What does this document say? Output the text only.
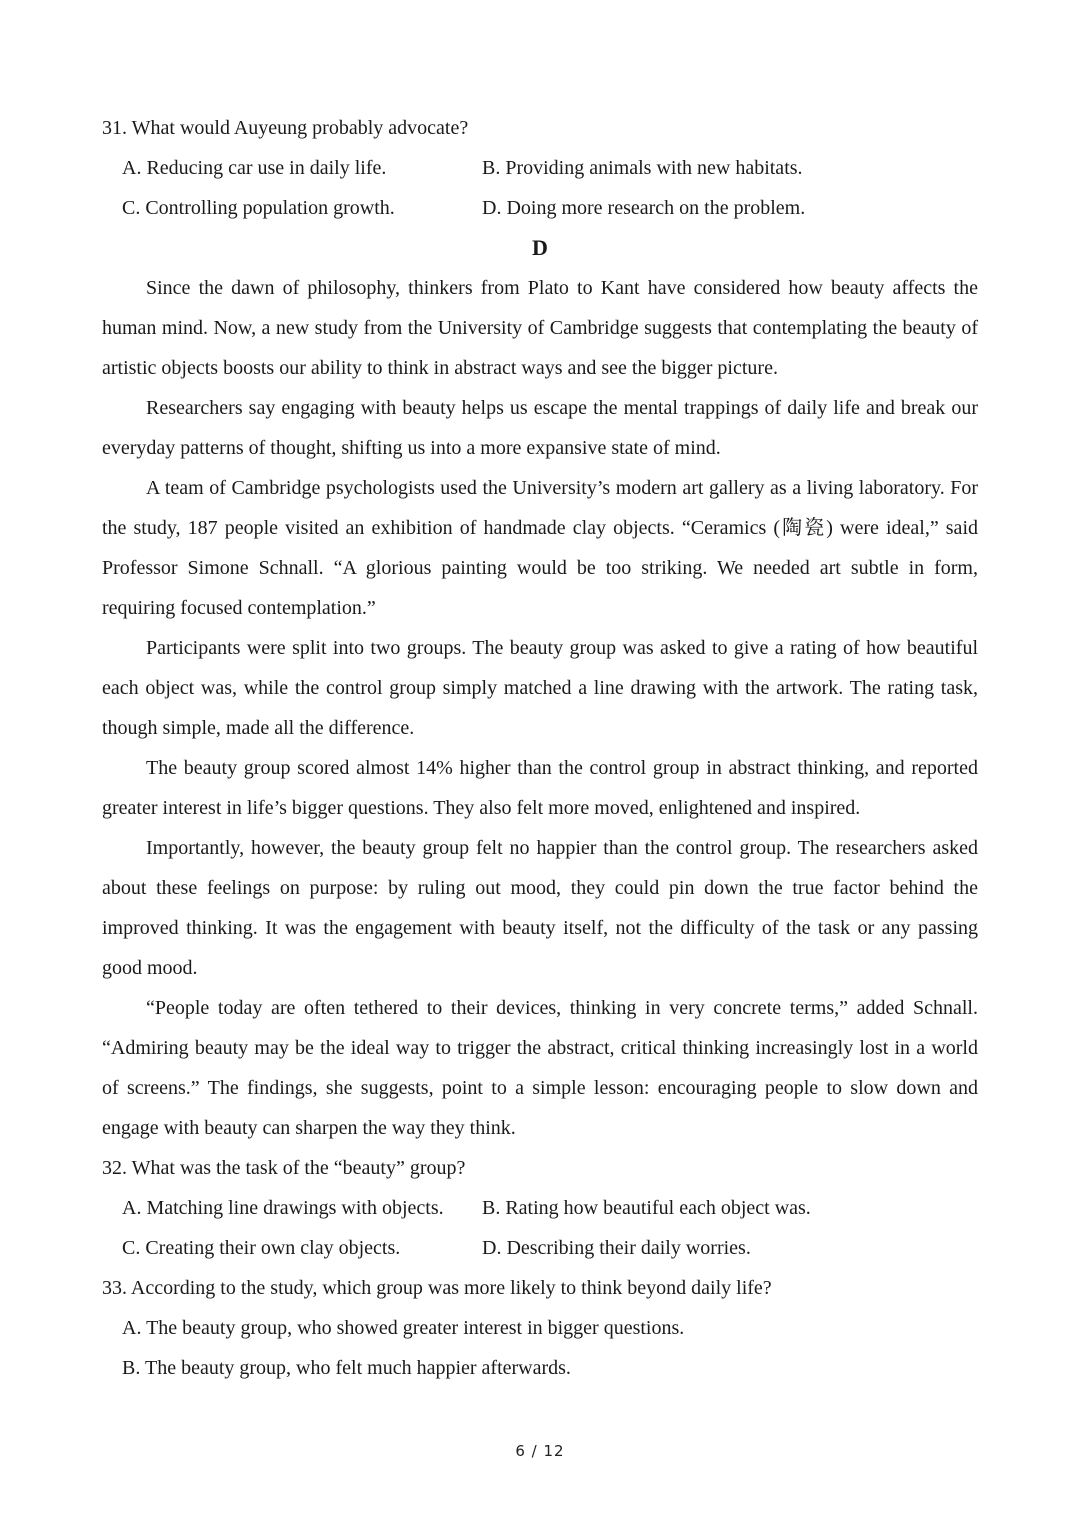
31. What would Auyeung probably advocate?
A. Reducing car use in daily life.	B. Providing animals with new habitats.
C. Controlling population growth.	D. Doing more research on the problem.
D

Since the dawn of philosophy, thinkers from Plato to Kant have considered how beauty affects the human mind. Now, a new study from the University of Cambridge suggests that contemplating the beauty of artistic objects boosts our ability to think in abstract ways and see the bigger picture.

Researchers say engaging with beauty helps us escape the mental trappings of daily life and break our everyday patterns of thought, shifting us into a more expansive state of mind.

A team of Cambridge psychologists used the University’s modern art gallery as a living laboratory. For the study, 187 people visited an exhibition of handmade clay objects. “Ceramics (陶瓷) were ideal,” said Professor Simone Schnall. “A glorious painting would be too striking. We needed art subtle in form, requiring focused contemplation.”

Participants were split into two groups. The beauty group was asked to give a rating of how beautiful each object was, while the control group simply matched a line drawing with the artwork. The rating task, though simple, made all the difference.

The beauty group scored almost 14% higher than the control group in abstract thinking, and reported greater interest in life’s bigger questions. They also felt more moved, enlightened and inspired.

Importantly, however, the beauty group felt no happier than the control group. The researchers asked about these feelings on purpose: by ruling out mood, they could pin down the true factor behind the improved thinking. It was the engagement with beauty itself, not the difficulty of the task or any passing good mood.

“People today are often tethered to their devices, thinking in very concrete terms,” added Schnall. “Admiring beauty may be the ideal way to trigger the abstract, critical thinking increasingly lost in a world of screens.” The findings, she suggests, point to a simple lesson: encouraging people to slow down and engage with beauty can sharpen the way they think.

32. What was the task of the “beauty” group?
A. Matching line drawings with objects.	B. Rating how beautiful each object was.
C. Creating their own clay objects.	D. Describing their daily worries.
33. According to the study, which group was more likely to think beyond daily life?
A. The beauty group, who showed greater interest in bigger questions.
B. The beauty group, who felt much happier afterwards.
6 / 12
